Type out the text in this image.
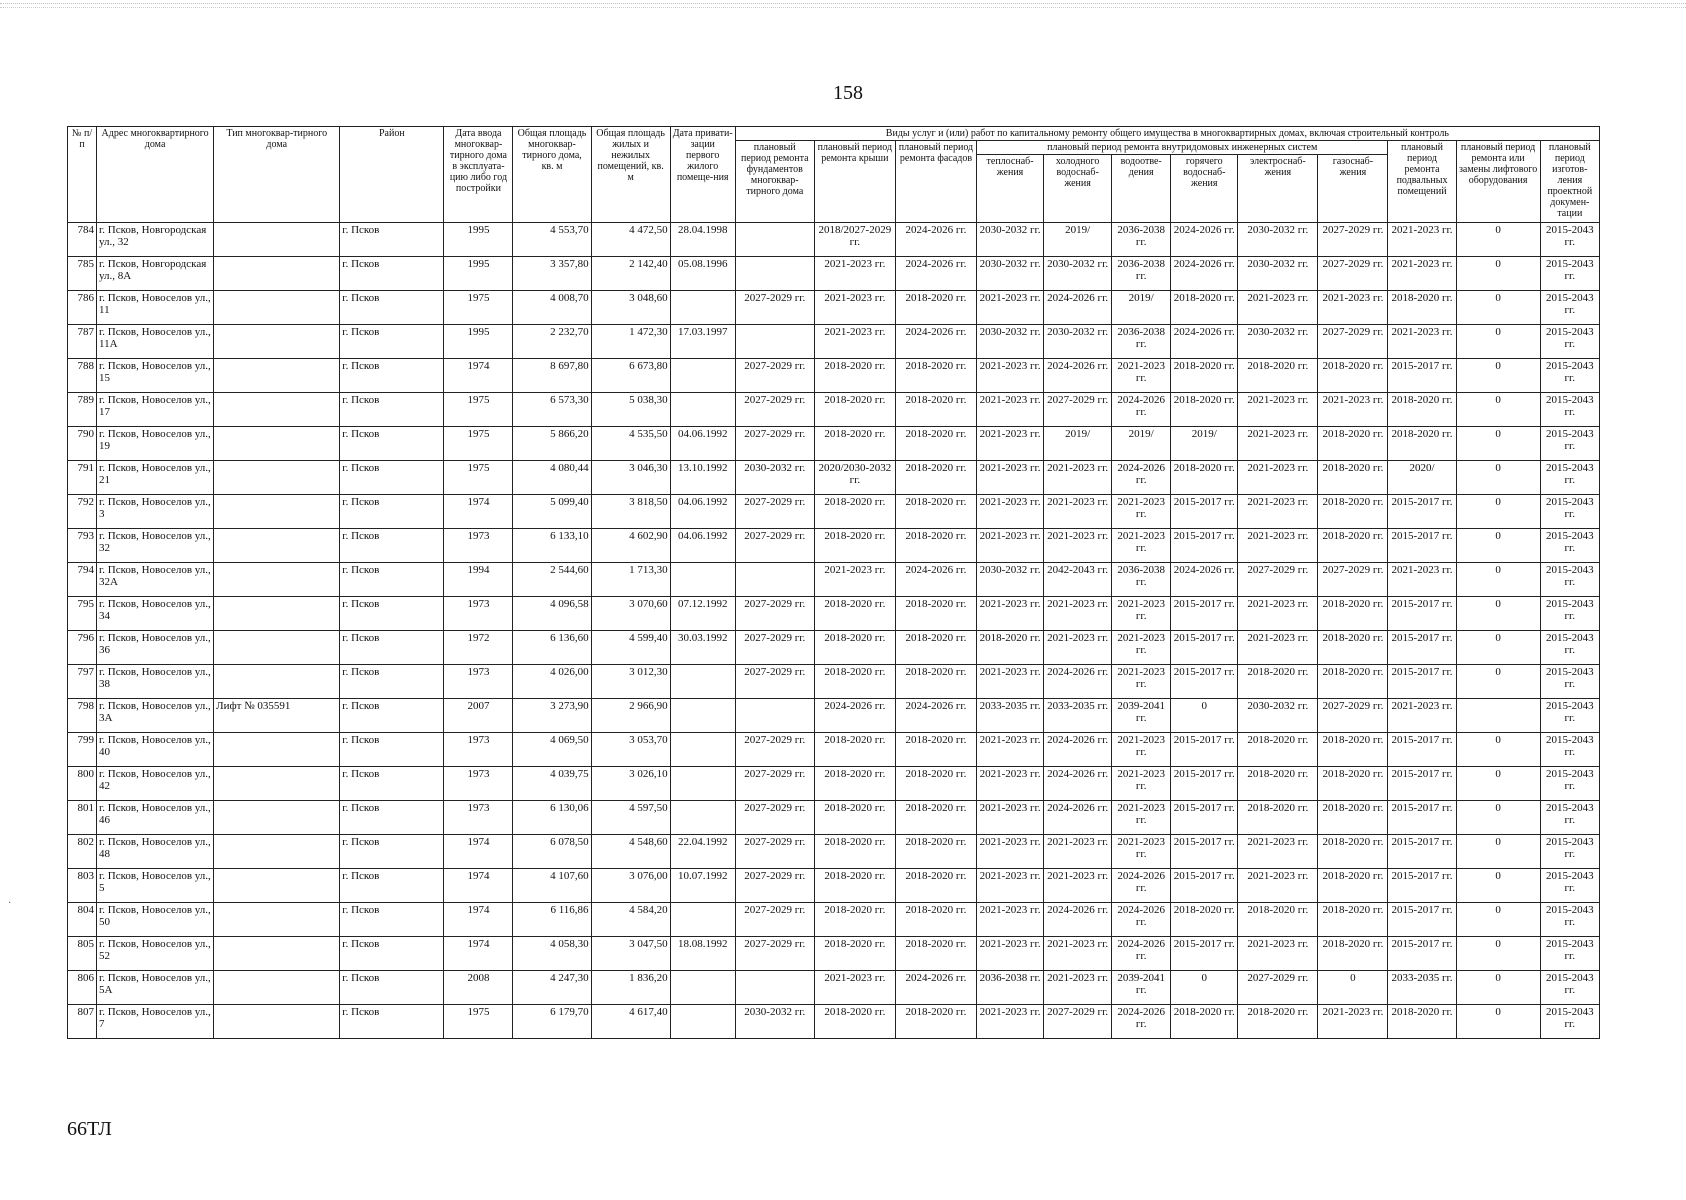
·
158
№ п/п	Адрес многоквартирного дома	Тип многоквар-тирного дома	Район	Дата ввода многоквар-тирного дома в эксплуата-цию либо год постройки	Общая площадь многоквар-тирного дома, кв. м	Общая площадь жилых и нежилых помещений, кв. м	Дата привати-зации первого жилого помеще-ния	Виды услуг и (или) работ по капитальному ремонту общего имущества в многоквартирных домах, включая строительный контроль											
								плановый период ремонта фундаментов многоквар-тирного дома	плановый период ремонта крыши	плановый период ремонта фасадов	плановый период ремонта внутридомовых инженерных систем						плановый период ремонта подвальных помещений	плановый период ремонта или замены лифтового оборудования	плановый период изготов-ления проектной докумен-тации
											теплоснаб-жения	холодного водоснаб-жения	водоотве-дения	горячего водоснаб-жения	электроснаб-жения	газоснаб-жения			
784	г. Псков, Новгородская ул., 32		г. Псков	1995	4 553,70	4 472,50	28.04.1998		2018/2027-2029 гг.	2024-2026 гг.	2030-2032 гг.	2019/	2036-2038 гг.	2024-2026 гг.	2030-2032 гг.	2027-2029 гг.	2021-2023 гг.	0	2015-2043 гг.
785	г. Псков, Новгородская ул., 8А		г. Псков	1995	3 357,80	2 142,40	05.08.1996		2021-2023 гг.	2024-2026 гг.	2030-2032 гг.	2030-2032 гг.	2036-2038 гг.	2024-2026 гг.	2030-2032 гг.	2027-2029 гг.	2021-2023 гг.	0	2015-2043 гг.
786	г. Псков, Новоселов ул., 11		г. Псков	1975	4 008,70	3 048,60		2027-2029 гг.	2021-2023 гг.	2018-2020 гг.	2021-2023 гг.	2024-2026 гг.	2019/	2018-2020 гг.	2021-2023 гг.	2021-2023 гг.	2018-2020 гг.	0	2015-2043 гг.
787	г. Псков, Новоселов ул., 11А		г. Псков	1995	2 232,70	1 472,30	17.03.1997		2021-2023 гг.	2024-2026 гг.	2030-2032 гг.	2030-2032 гг.	2036-2038 гг.	2024-2026 гг.	2030-2032 гг.	2027-2029 гг.	2021-2023 гг.	0	2015-2043 гг.
788	г. Псков, Новоселов ул., 15		г. Псков	1974	8 697,80	6 673,80		2027-2029 гг.	2018-2020 гг.	2018-2020 гг.	2021-2023 гг.	2024-2026 гг.	2021-2023 гг.	2018-2020 гг.	2018-2020 гг.	2018-2020 гг.	2015-2017 гг.	0	2015-2043 гг.
789	г. Псков, Новоселов ул., 17		г. Псков	1975	6 573,30	5 038,30		2027-2029 гг.	2018-2020 гг.	2018-2020 гг.	2021-2023 гг.	2027-2029 гг.	2024-2026 гг.	2018-2020 гг.	2021-2023 гг.	2021-2023 гг.	2018-2020 гг.	0	2015-2043 гг.
790	г. Псков, Новоселов ул., 19		г. Псков	1975	5 866,20	4 535,50	04.06.1992	2027-2029 гг.	2018-2020 гг.	2018-2020 гг.	2021-2023 гг.	2019/	2019/	2019/	2021-2023 гг.	2018-2020 гг.	2018-2020 гг.	0	2015-2043 гг.
791	г. Псков, Новоселов ул., 21		г. Псков	1975	4 080,44	3 046,30	13.10.1992	2030-2032 гг.	2020/2030-2032 гг.	2018-2020 гг.	2021-2023 гг.	2021-2023 гг.	2024-2026 гг.	2018-2020 гг.	2021-2023 гг.	2018-2020 гг.	2020/	0	2015-2043 гг.
792	г. Псков, Новоселов ул., 3		г. Псков	1974	5 099,40	3 818,50	04.06.1992	2027-2029 гг.	2018-2020 гг.	2018-2020 гг.	2021-2023 гг.	2021-2023 гг.	2021-2023 гг.	2015-2017 гг.	2021-2023 гг.	2018-2020 гг.	2015-2017 гг.	0	2015-2043 гг.
793	г. Псков, Новоселов ул., 32		г. Псков	1973	6 133,10	4 602,90	04.06.1992	2027-2029 гг.	2018-2020 гг.	2018-2020 гг.	2021-2023 гг.	2021-2023 гг.	2021-2023 гг.	2015-2017 гг.	2021-2023 гг.	2018-2020 гг.	2015-2017 гг.	0	2015-2043 гг.
794	г. Псков, Новоселов ул., 32А		г. Псков	1994	2 544,60	1 713,30			2021-2023 гг.	2024-2026 гг.	2030-2032 гг.	2042-2043 гг.	2036-2038 гг.	2024-2026 гг.	2027-2029 гг.	2027-2029 гг.	2021-2023 гг.	0	2015-2043 гг.
795	г. Псков, Новоселов ул., 34		г. Псков	1973	4 096,58	3 070,60	07.12.1992	2027-2029 гг.	2018-2020 гг.	2018-2020 гг.	2021-2023 гг.	2021-2023 гг.	2021-2023 гг.	2015-2017 гг.	2021-2023 гг.	2018-2020 гг.	2015-2017 гг.	0	2015-2043 гг.
796	г. Псков, Новоселов ул., 36		г. Псков	1972	6 136,60	4 599,40	30.03.1992	2027-2029 гг.	2018-2020 гг.	2018-2020 гг.	2018-2020 гг.	2021-2023 гг.	2021-2023 гг.	2015-2017 гг.	2021-2023 гг.	2018-2020 гг.	2015-2017 гг.	0	2015-2043 гг.
797	г. Псков, Новоселов ул., 38		г. Псков	1973	4 026,00	3 012,30		2027-2029 гг.	2018-2020 гг.	2018-2020 гг.	2021-2023 гг.	2024-2026 гг.	2021-2023 гг.	2015-2017 гг.	2018-2020 гг.	2018-2020 гг.	2015-2017 гг.	0	2015-2043 гг.
798	г. Псков, Новоселов ул., 3А	Лифт № 035591	г. Псков	2007	3 273,90	2 966,90			2024-2026 гг.	2024-2026 гг.	2033-2035 гг.	2033-2035 гг.	2039-2041 гг.	0	2030-2032 гг.	2027-2029 гг.	2021-2023 гг.		2015-2043 гг.
799	г. Псков, Новоселов ул., 40		г. Псков	1973	4 069,50	3 053,70		2027-2029 гг.	2018-2020 гг.	2018-2020 гг.	2021-2023 гг.	2024-2026 гг.	2021-2023 гг.	2015-2017 гг.	2018-2020 гг.	2018-2020 гг.	2015-2017 гг.	0	2015-2043 гг.
800	г. Псков, Новоселов ул., 42		г. Псков	1973	4 039,75	3 026,10		2027-2029 гг.	2018-2020 гг.	2018-2020 гг.	2021-2023 гг.	2024-2026 гг.	2021-2023 гг.	2015-2017 гг.	2018-2020 гг.	2018-2020 гг.	2015-2017 гг.	0	2015-2043 гг.
801	г. Псков, Новоселов ул., 46		г. Псков	1973	6 130,06	4 597,50		2027-2029 гг.	2018-2020 гг.	2018-2020 гг.	2021-2023 гг.	2024-2026 гг.	2021-2023 гг.	2015-2017 гг.	2018-2020 гг.	2018-2020 гг.	2015-2017 гг.	0	2015-2043 гг.
802	г. Псков, Новоселов ул., 48		г. Псков	1974	6 078,50	4 548,60	22.04.1992	2027-2029 гг.	2018-2020 гг.	2018-2020 гг.	2021-2023 гг.	2021-2023 гг.	2021-2023 гг.	2015-2017 гг.	2021-2023 гг.	2018-2020 гг.	2015-2017 гг.	0	2015-2043 гг.
803	г. Псков, Новоселов ул., 5		г. Псков	1974	4 107,60	3 076,00	10.07.1992	2027-2029 гг.	2018-2020 гг.	2018-2020 гг.	2021-2023 гг.	2021-2023 гг.	2024-2026 гг.	2015-2017 гг.	2021-2023 гг.	2018-2020 гг.	2015-2017 гг.	0	2015-2043 гг.
804	г. Псков, Новоселов ул., 50		г. Псков	1974	6 116,86	4 584,20		2027-2029 гг.	2018-2020 гг.	2018-2020 гг.	2021-2023 гг.	2024-2026 гг.	2024-2026 гг.	2018-2020 гг.	2018-2020 гг.	2018-2020 гг.	2015-2017 гг.	0	2015-2043 гг.
805	г. Псков, Новоселов ул., 52		г. Псков	1974	4 058,30	3 047,50	18.08.1992	2027-2029 гг.	2018-2020 гг.	2018-2020 гг.	2021-2023 гг.	2021-2023 гг.	2024-2026 гг.	2015-2017 гг.	2021-2023 гг.	2018-2020 гг.	2015-2017 гг.	0	2015-2043 гг.
806	г. Псков, Новоселов ул., 5А		г. Псков	2008	4 247,30	1 836,20			2021-2023 гг.	2024-2026 гг.	2036-2038 гг.	2021-2023 гг.	2039-2041 гг.	0	2027-2029 гг.	0	2033-2035 гг.	0	2015-2043 гг.
807	г. Псков, Новоселов ул., 7		г. Псков	1975	6 179,70	4 617,40		2030-2032 гг.	2018-2020 гг.	2018-2020 гг.	2021-2023 гг.	2027-2029 гг.	2024-2026 гг.	2018-2020 гг.	2018-2020 гг.	2021-2023 гг.	2018-2020 гг.	0	2015-2043 гг.
66ТЛ
